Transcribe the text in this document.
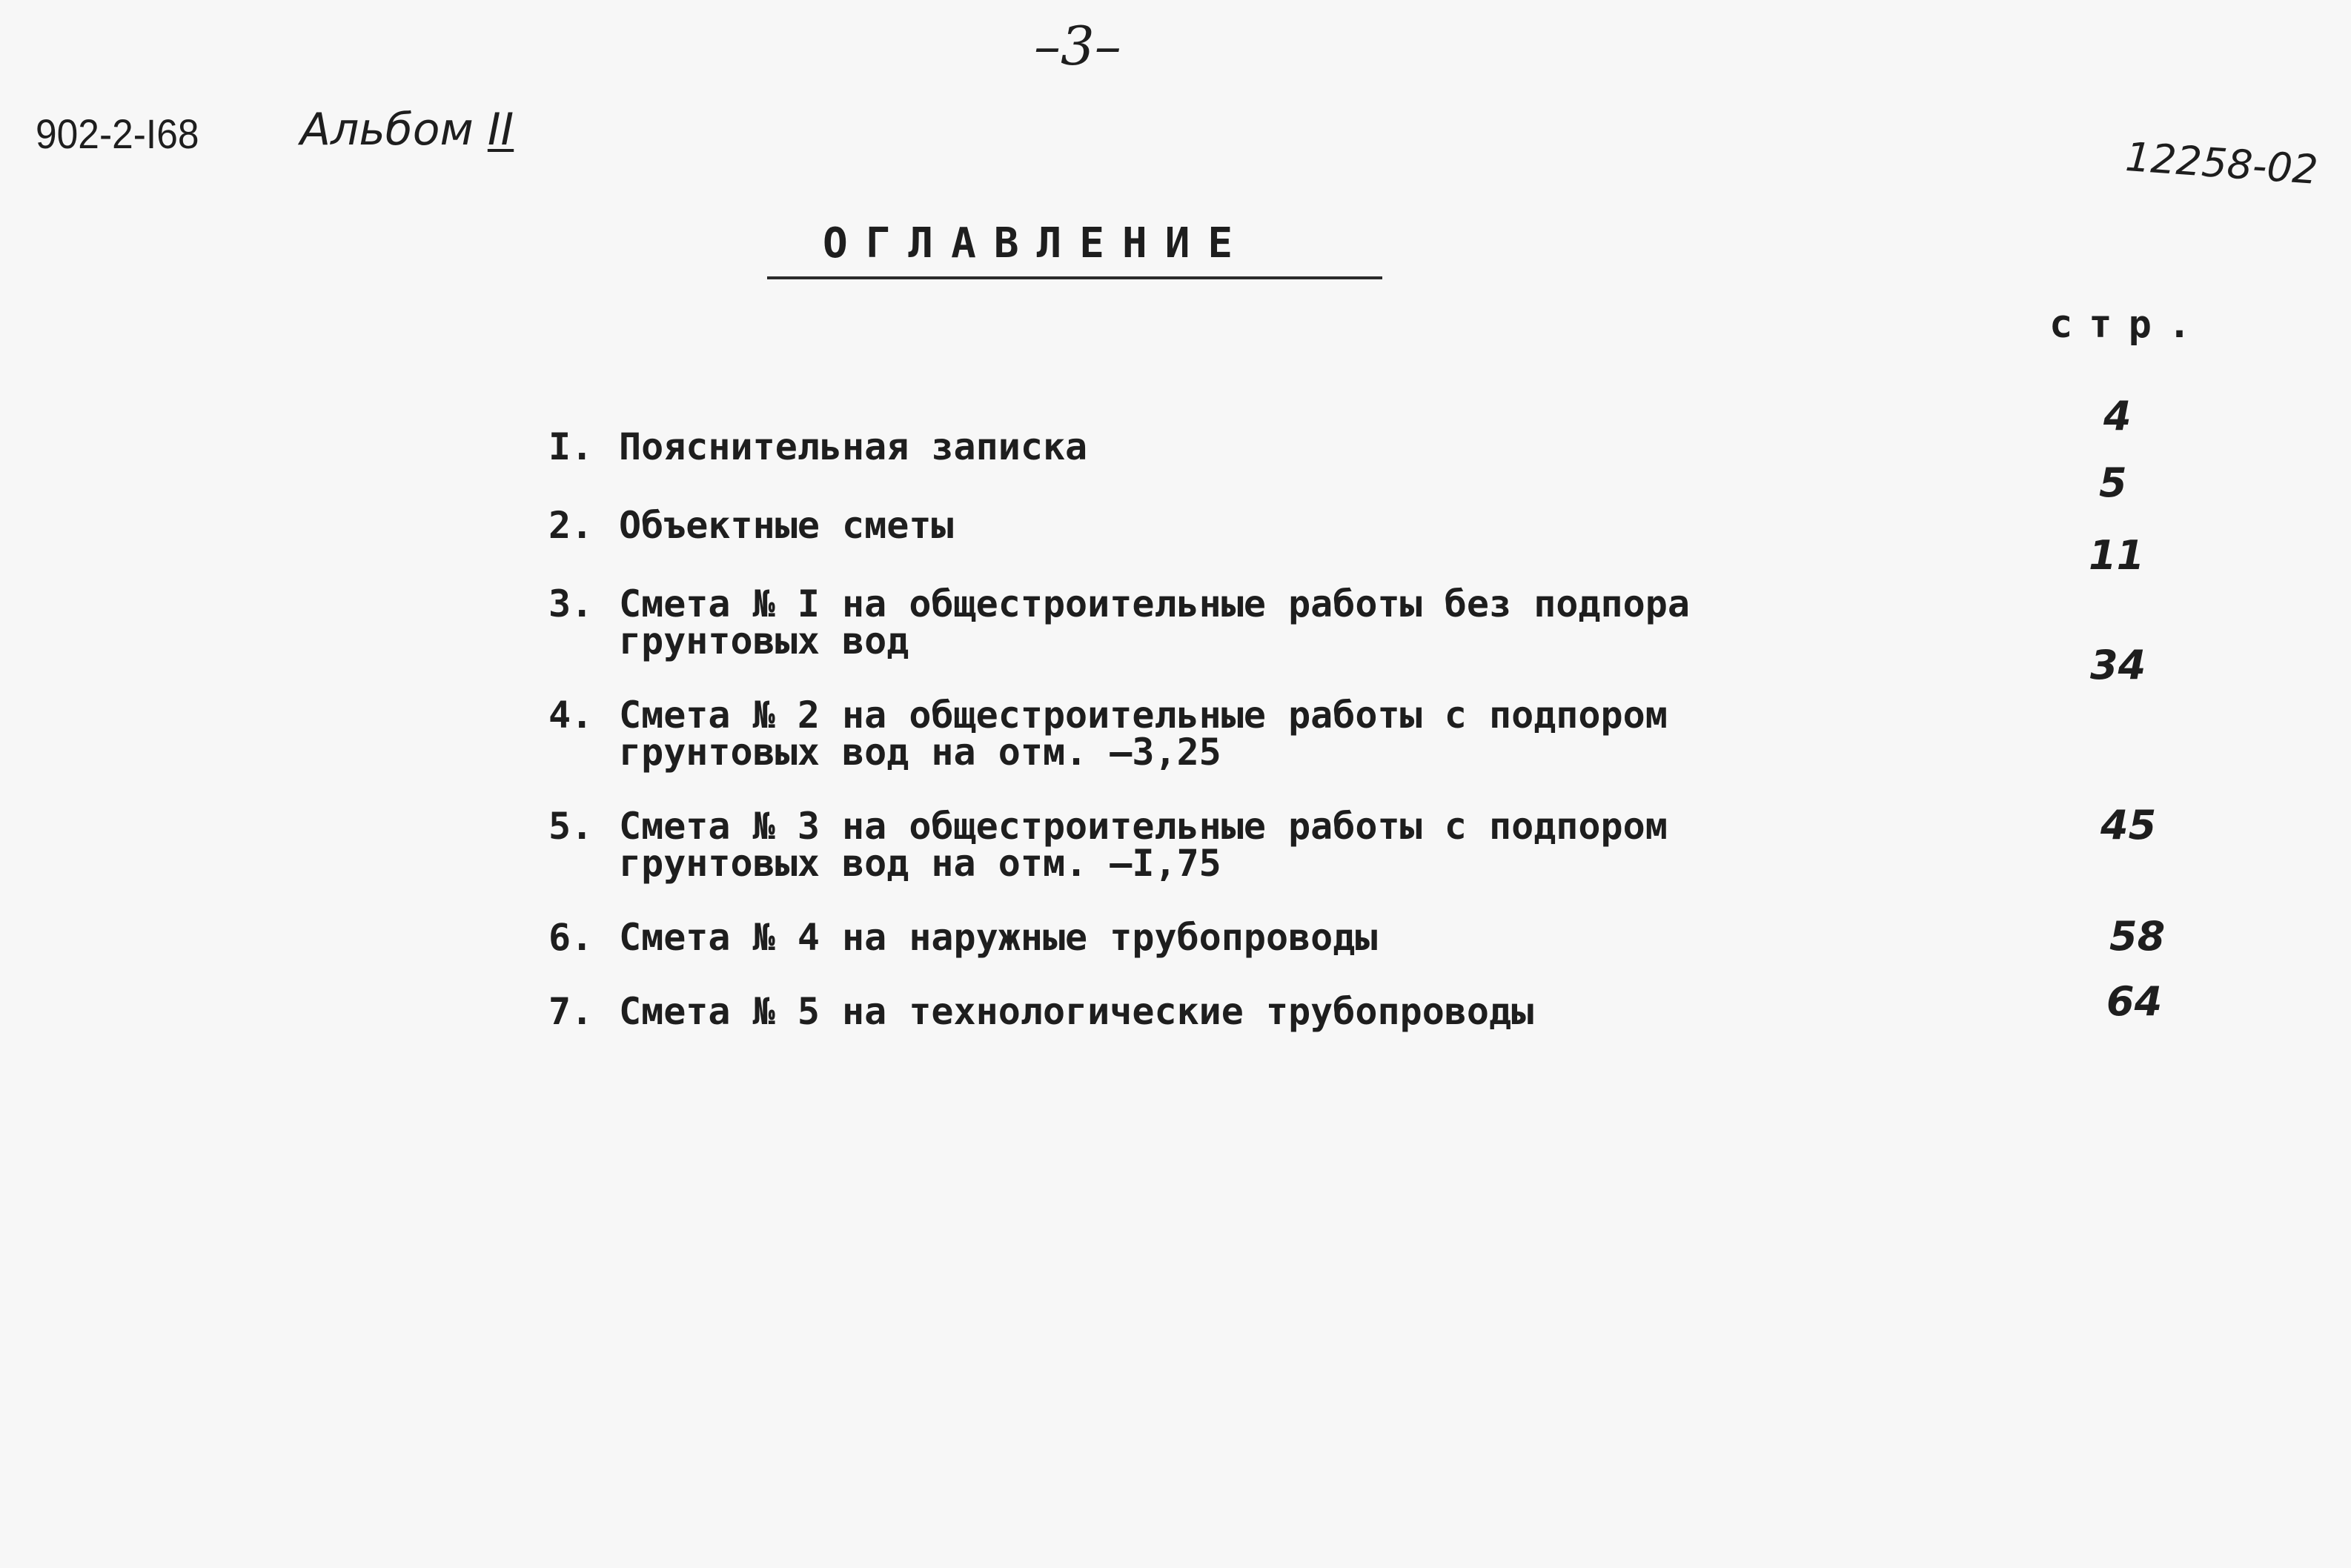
–3–
902-2-I68 Альбом II
12258-02
ОГЛАВЛЕНИЕ
стр.
I. Пояснительная записка
2. Объектные сметы
3. Смета № I на общестроительные работы без подпора
грунтовых вод
4. Смета № 2 на общестроительные работы с подпором
грунтовых вод на отм. –3,25
5. Смета № 3 на общестроительные работы с подпором
грунтовых вод на отм. –I,75
6. Смета № 4 на наружные трубопроводы
7. Смета № 5 на технологические трубопроводы
4
5
11
34
45
58
64
